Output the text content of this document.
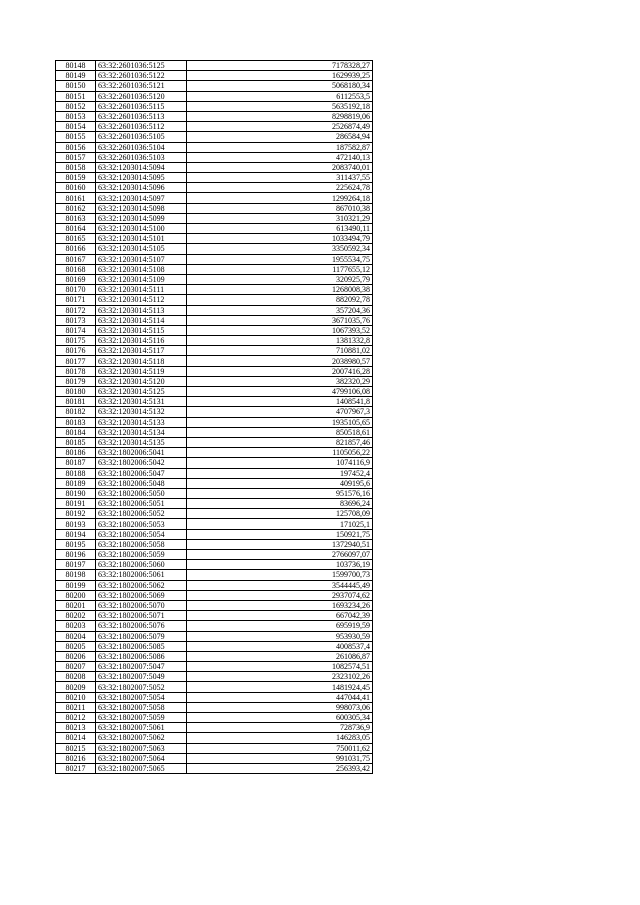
80148	63:32:2601036:5125	7178328,27
80149	63:32:2601036:5122	1629939,25
80150	63:32:2601036:5121	5068180,34
80151	63:32:2601036:5120	6112553,5
80152	63:32:2601036:5115	5635192,18
80153	63:32:2601036:5113	8298819,06
80154	63:32:2601036:5112	2526874,49
80155	63:32:2601036:5105	286584,94
80156	63:32:2601036:5104	187582,87
80157	63:32:2601036:5103	472140,13
80158	63:32:1203014:5094	2083740,01
80159	63:32:1203014:5095	311437,55
80160	63:32:1203014:5096	225624,78
80161	63:32:1203014:5097	1299264,18
80162	63:32:1203014:5098	867010,38
80163	63:32:1203014:5099	310321,29
80164	63:32:1203014:5100	613490,11
80165	63:32:1203014:5101	1033494,79
80166	63:32:1203014:5105	3350592,34
80167	63:32:1203014:5107	1955534,75
80168	63:32:1203014:5108	1177655,12
80169	63:32:1203014:5109	320925,79
80170	63:32:1203014:5111	1268008,38
80171	63:32:1203014:5112	882092,78
80172	63:32:1203014:5113	357204,36
80173	63:32:1203014:5114	3671035,76
80174	63:32:1203014:5115	1067393,52
80175	63:32:1203014:5116	1381332,8
80176	63:32:1203014:5117	710881,02
80177	63:32:1203014:5118	2038980,57
80178	63:32:1203014:5119	2007416,28
80179	63:32:1203014:5120	382320,29
80180	63:32:1203014:5125	4799106,08
80181	63:32:1203014:5131	1408541,8
80182	63:32:1203014:5132	4707967,3
80183	63:32:1203014:5133	1935105,65
80184	63:32:1203014:5134	850518,61
80185	63:32:1203014:5135	821857,46
80186	63:32:1802006:5041	1105056,22
80187	63:32:1802006:5042	1074116,9
80188	63:32:1802006:5047	197452,4
80189	63:32:1802006:5048	409195,6
80190	63:32:1802006:5050	951576,16
80191	63:32:1802006:5051	83696,24
80192	63:32:1802006:5052	125708,09
80193	63:32:1802006:5053	171025,1
80194	63:32:1802006:5054	150921,75
80195	63:32:1802006:5058	1372940,51
80196	63:32:1802006:5059	2766097,07
80197	63:32:1802006:5060	103736,19
80198	63:32:1802006:5061	1599700,73
80199	63:32:1802006:5062	3544445,49
80200	63:32:1802006:5069	2937074,62
80201	63:32:1802006:5070	1693234,26
80202	63:32:1802006:5071	667042,39
80203	63:32:1802006:5076	695919,59
80204	63:32:1802006:5079	953930,59
80205	63:32:1802006:5085	4008537,4
80206	63:32:1802006:5086	261086,87
80207	63:32:1802007:5047	1082574,51
80208	63:32:1802007:5049	2323102,26
80209	63:32:1802007:5052	1481924,45
80210	63:32:1802007:5054	447044,41
80211	63:32:1802007:5058	998073,06
80212	63:32:1802007:5059	600305,34
80213	63:32:1802007:5061	728736,9
80214	63:32:1802007:5062	146283,05
80215	63:32:1802007:5063	750011,62
80216	63:32:1802007:5064	991031,75
80217	63:32:1802007:5065	256393,42
